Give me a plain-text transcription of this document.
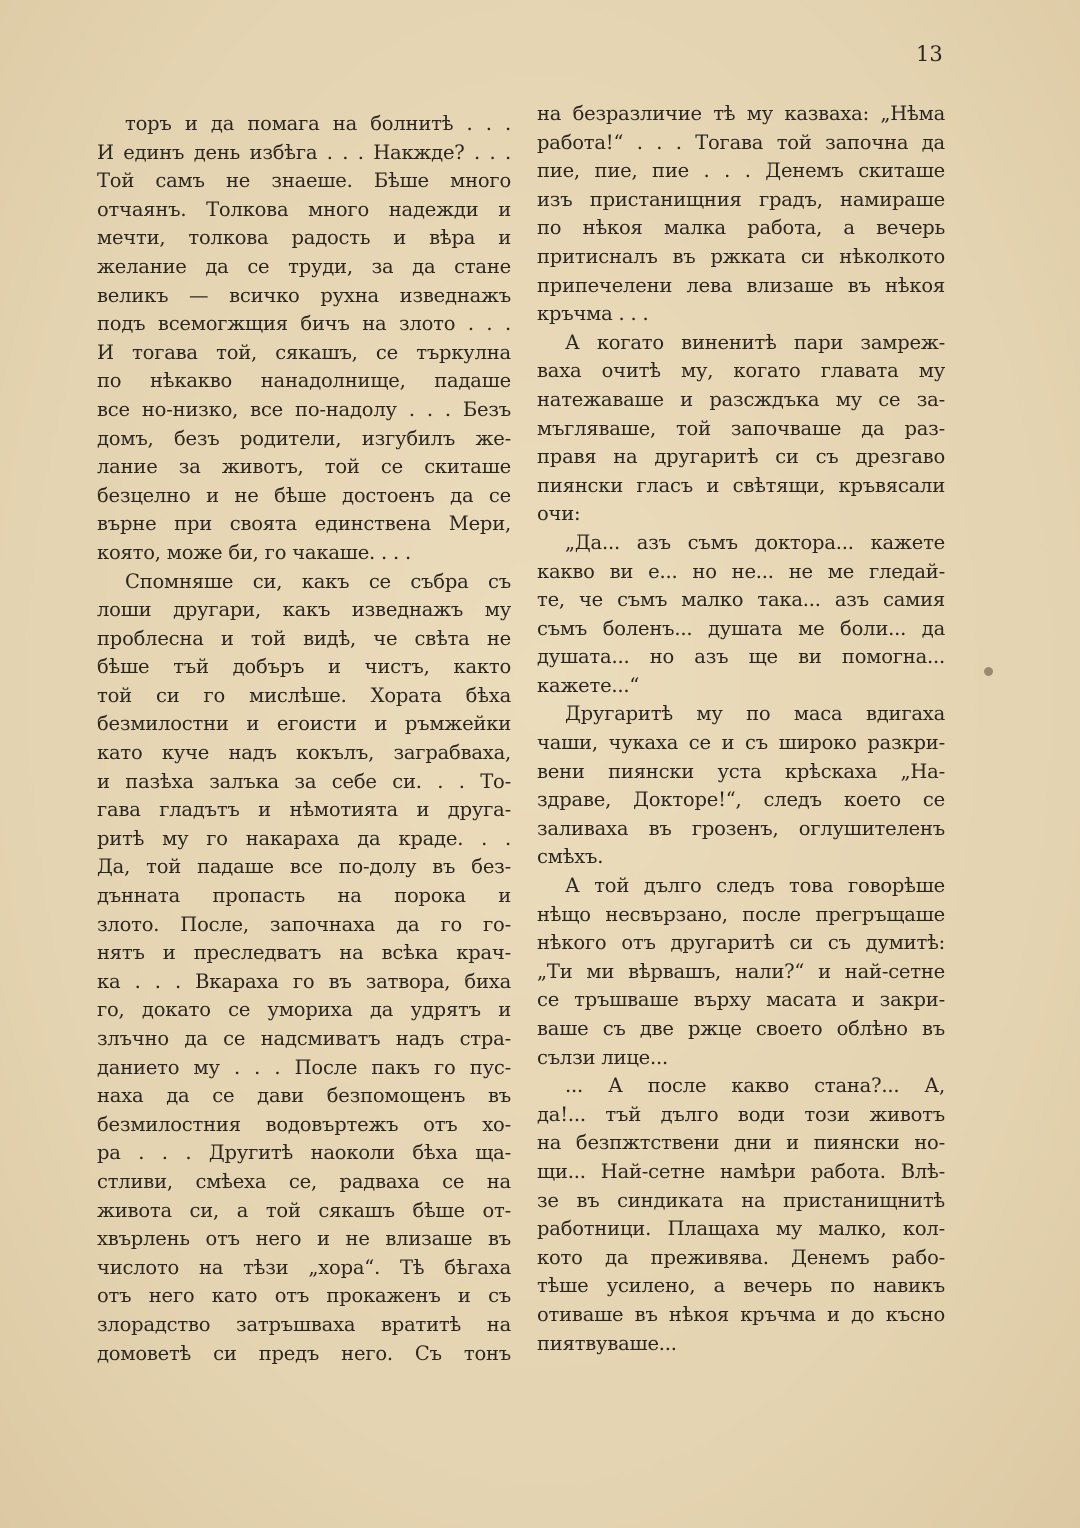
13
торъ и да помага на болнитѣ . . .
И единъ день избѣга . . . Накжде? . . .
Той самъ не знаеше. Бѣше много
отчаянъ. Толкова много надежди и
мечти, толкова радость и вѣра и
желание да се труди, за да стане
великъ — всичко рухна изведнажъ
подъ всемогжщия бичъ на злото . . .
И тогава той, сякашъ, се търкулна
по нѣкакво нанадолнище, падаше
все но-низко, все по-надолу . . . Безъ
домъ, безъ родители, изгубилъ же-
лание за животъ, той се скиташе
безцелно и не бѣше достоенъ да се
върне при своята единствена Мери,
която, може би, го чакаше. . . .
Спомняше си, какъ се събра съ
лоши другари, какъ изведнажъ му
проблесна и той видѣ, че свѣта не
бѣше тъй добъръ и чистъ, както
той си го мислѣше. Хората бѣха
безмилостни и егоисти и ръмжейки
като куче надъ кокълъ, заграбваха,
и пазѣха залъка за себе си. . . То-
гава гладътъ и нѣмотията и друга-
ритѣ му го накараха да краде. . .
Да, той падаше все по-долу въ без-
дънната пропасть на порока и
злото. После, започнаха да го го-
нятъ и преследватъ на всѣка крач-
ка . . . Вкараха го въ затвора, биха
го, докато се умориха да удрятъ и
злъчно да се надсмиватъ надъ стра-
данието му . . . После пакъ го пус-
наха да се дави безпомощенъ въ
безмилостния водовъртежъ отъ хо-
ра . . . Другитѣ наоколи бѣха ща-
стливи, смѣеха се, радваха се на
живота си, а той сякашъ бѣше от-
хвърлень отъ него и не влизаше въ
числото на тѣзи „хора“. Тѣ бѣгаха
отъ него като отъ прокаженъ и съ
злорадство затръшваха вратитѣ на
домоветѣ си предъ него. Съ тонъ
на безразличие тѣ му казваха: „Нѣма
работа!“ . . . Тогава той започна да
пие, пие, пие . . . Денемъ скиташе
изъ пристанищния градъ, намираше
по нѣкоя малка работа, а вечерь
притисналъ въ ржката си нѣколкото
припечелени лева влизаше въ нѣкоя
кръчма . . .
А когато виненитѣ пари замреж-
ваха очитѣ му, когато главата му
натежаваше и разсждъка му се за-
мъгляваше, той започваше да раз-
правя на другаритѣ си съ дрезгаво
пиянски гласъ и свѣтящи, кръвясали
очи:
„Да... азъ съмъ доктора... кажете
какво ви е... но не... не ме гледай-
те, че съмъ малко така... азъ самия
съмъ боленъ... душата ме боли... да
душата... но азъ ще ви помогна...
кажете...“
Другаритѣ му по маса вдигаха
чаши, чукаха се и съ широко разкри-
вени пиянски уста крѣскаха „На-
здраве, Докторе!“, следъ което се
заливаха въ грозенъ, оглушителенъ
смѣхъ.
А той дълго следъ това говорѣше
нѣщо несвързано, после прегръщаше
нѣкого отъ другаритѣ си съ думитѣ:
„Ти ми вѣрвашъ, нали?“ и най-сетне
се тръшваше върху масата и закри-
ваше съ две ржце своето облѣно въ
сълзи лице...
... А после какво стана?... А,
да!... тъй дълго води този животъ
на безпжтствени дни и пиянски но-
щи... Най-сетне намѣри работа. Влѣ-
зе въ синдиката на пристанищнитѣ
работници. Плащаха му малко, кол-
кото да преживява. Денемъ рабо-
тѣше усилено, а вечерь по навикъ
отиваше въ нѣкоя кръчма и до късно
пиятвуваше...
